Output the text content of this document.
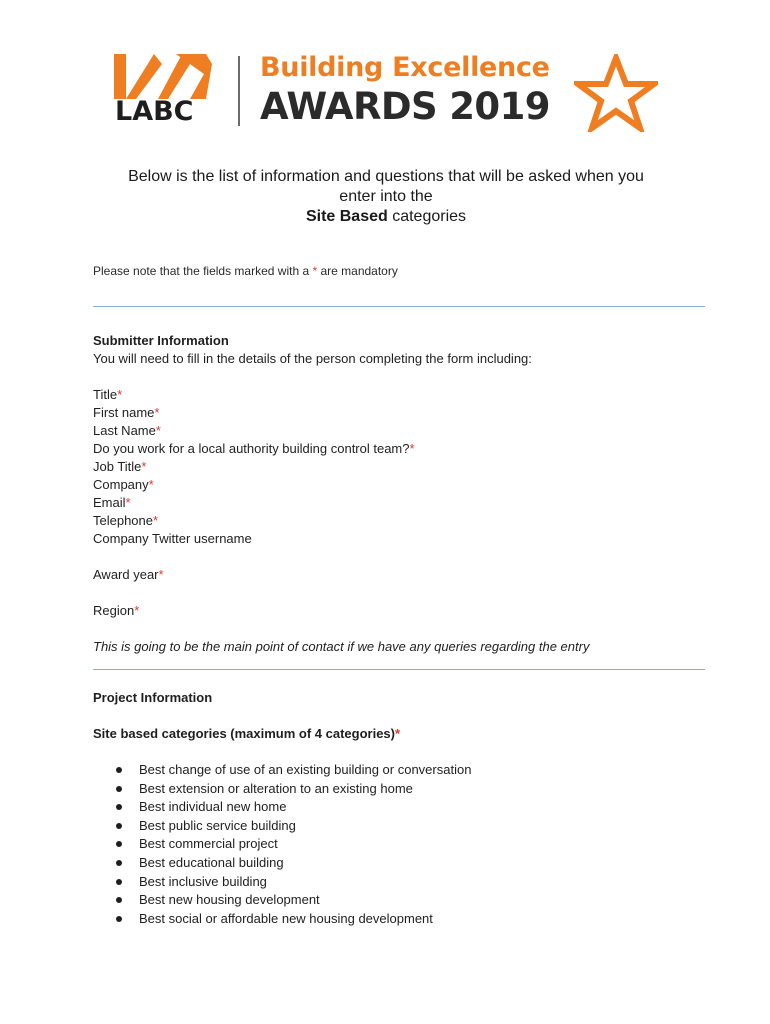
LABC
Building Excellence
AWARDS 2019
Below is the list of information and questions that will be asked when you
enter into the
Site Based categories
Please note that the fields marked with a * are mandatory
Submitter Information
You will need to fill in the details of the person completing the form including:
Title*
First name*
Last Name*
Do you work for a local authority building control team?*
Job Title*
Company*
Email*
Telephone*
Company Twitter username
Award year*
Region*
This is going to be the main point of contact if we have any queries regarding the entry
Project Information
Site based categories (maximum of 4 categories)*
Best change of use of an existing building or conversation
Best extension or alteration to an existing home
Best individual new home
Best public service building
Best commercial project
Best educational building
Best inclusive building
Best new housing development
Best social or affordable new housing development
